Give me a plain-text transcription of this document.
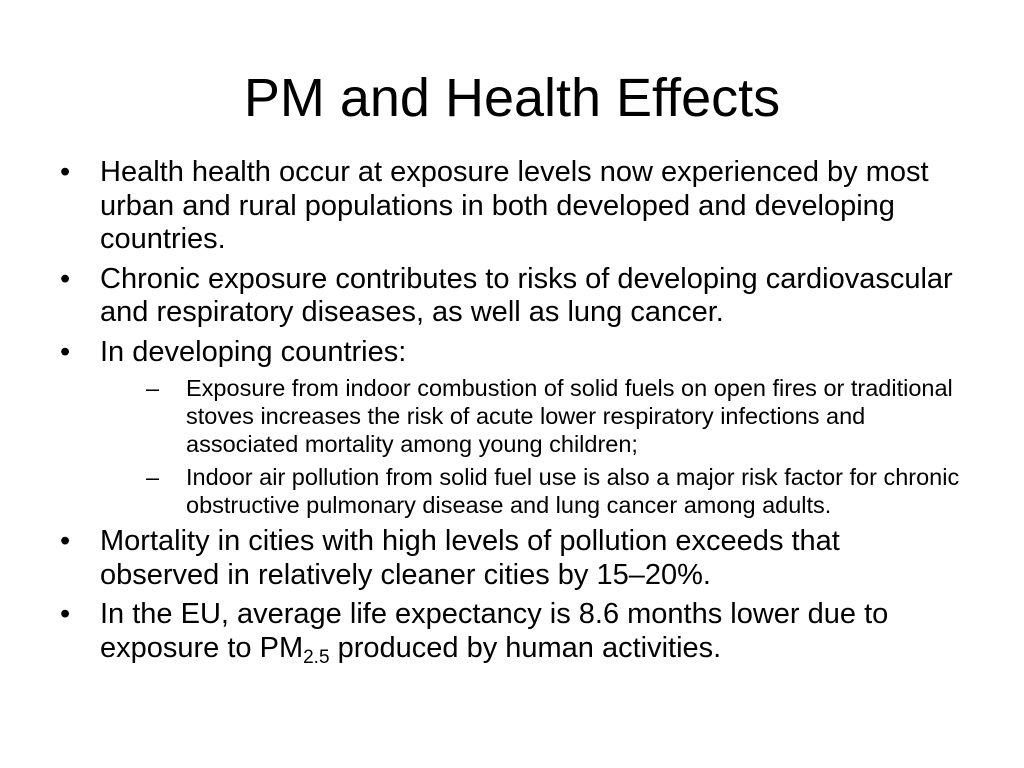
PM and Health Effects
•	Health health occur at exposure levels now experienced by most urban and rural populations in both developed and developing countries.
•	Chronic exposure contributes to risks of developing cardiovascular and respiratory diseases, as well as lung cancer.
•	In developing countries:
–	Exposure from indoor combustion of solid fuels on open fires or traditional stoves increases the risk of acute lower respiratory infections and associated mortality among young children;
–	Indoor air pollution from solid fuel use is also a major risk factor for chronic obstructive pulmonary disease and lung cancer among adults.
•	Mortality in cities with high levels of pollution exceeds that observed in relatively cleaner cities by 15–20%.
•	In the EU, average life expectancy is 8.6 months lower due to exposure to $PM_{2.5}$ produced by human activities.
